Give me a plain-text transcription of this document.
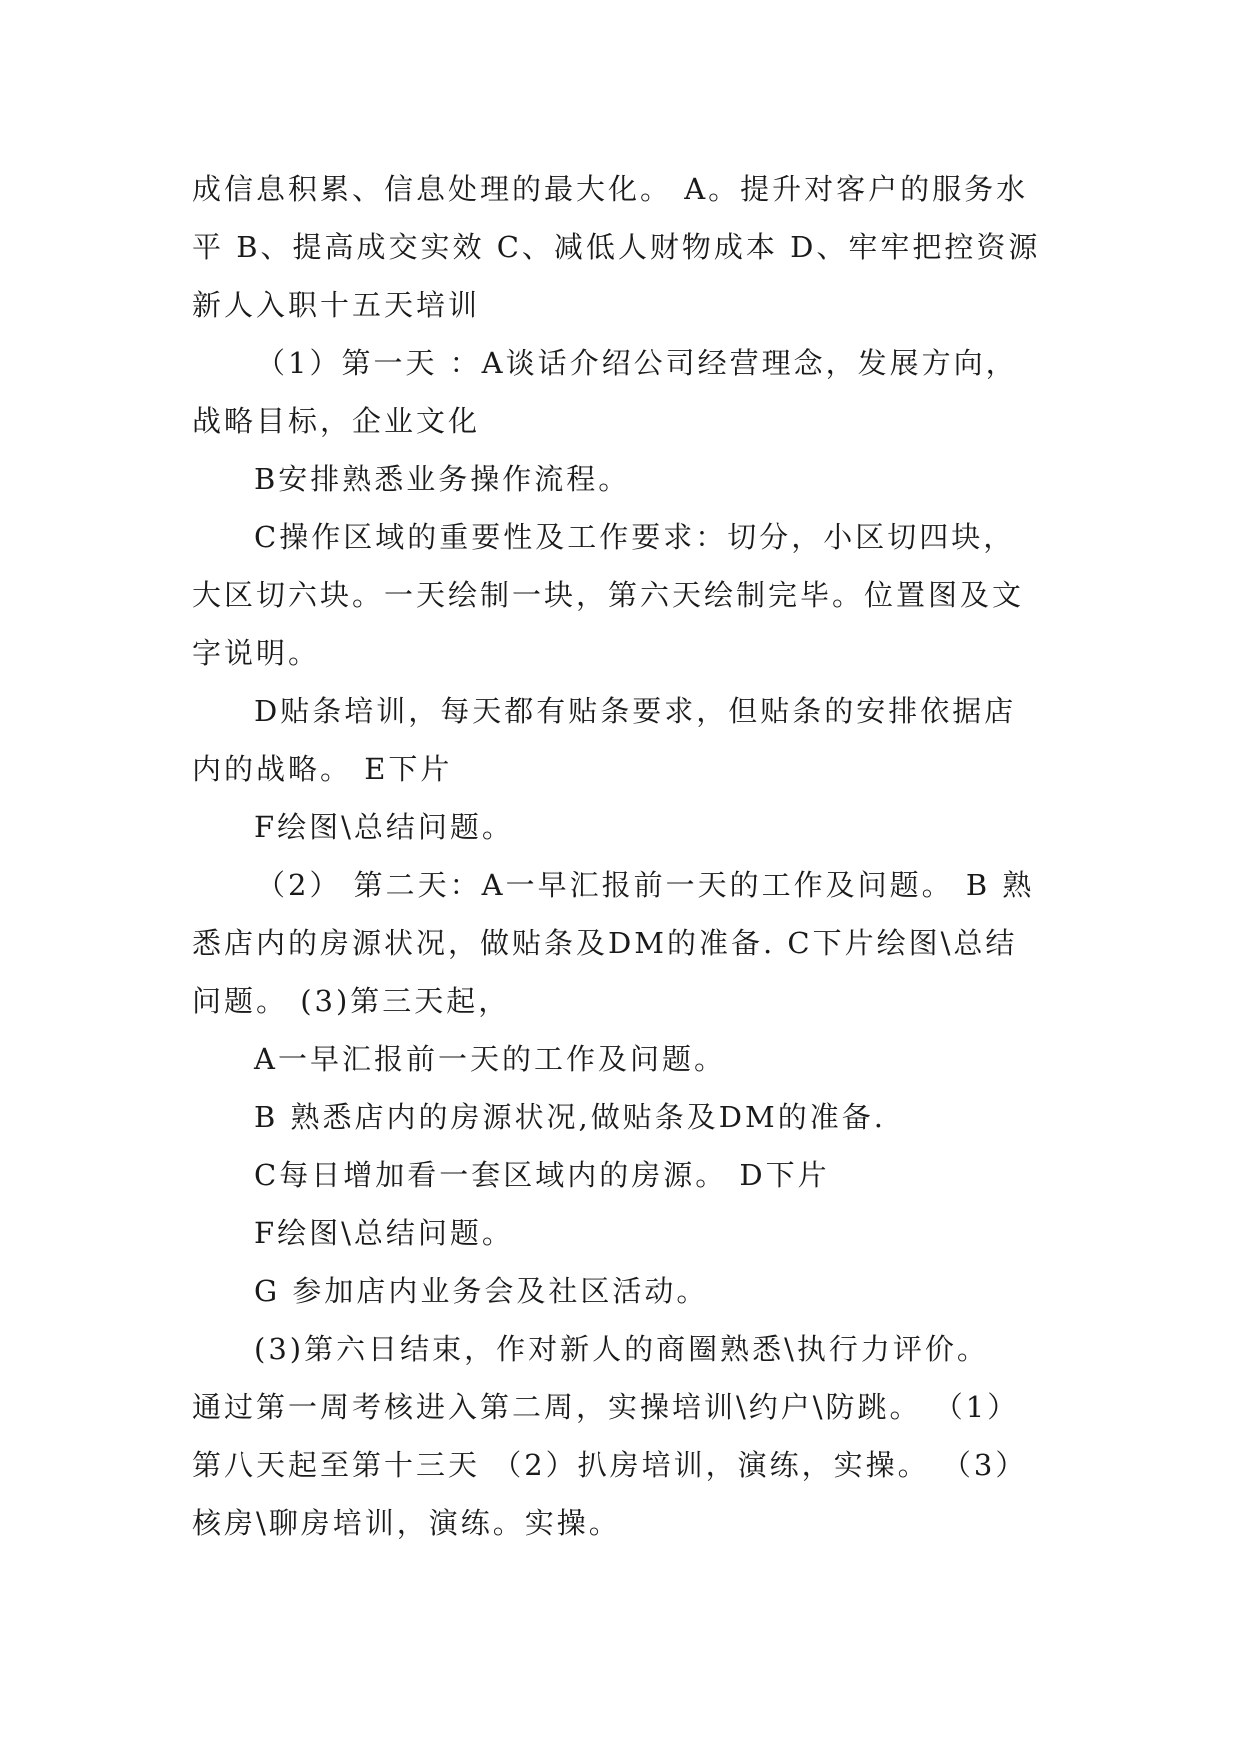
成信息积累、信息处理的最大化。 A。提升对客户的服务水
平 B、提高成交实效 C、减低人财物成本 D、牢牢把控资源
新人入职十五天培训
（1）第一天 ：A谈话介绍公司经营理念，发展方向，
战略目标，企业文化
B安排熟悉业务操作流程。
C操作区域的重要性及工作要求：切分，小区切四块，
大区切六块。一天绘制一块，第六天绘制完毕。位置图及文
字说明。
D贴条培训，每天都有贴条要求，但贴条的安排依据店
内的战略。 E下片
F绘图\总结问题。
（2） 第二天：A一早汇报前一天的工作及问题。 B 熟
悉店内的房源状况，做贴条及DM的准备. C下片绘图\总结
问题。 (3)第三天起，
A一早汇报前一天的工作及问题。
B 熟悉店内的房源状况,做贴条及DM的准备.
C每日增加看一套区域内的房源。 D下片
F绘图\总结问题。
G 参加店内业务会及社区活动。
(3)第六日结束，作对新人的商圈熟悉\执行力评价。
通过第一周考核进入第二周，实操培训\约户\防跳。 （1）
第八天起至第十三天 （2）扒房培训，演练，实操。 （3）
核房\聊房培训，演练。实操。
